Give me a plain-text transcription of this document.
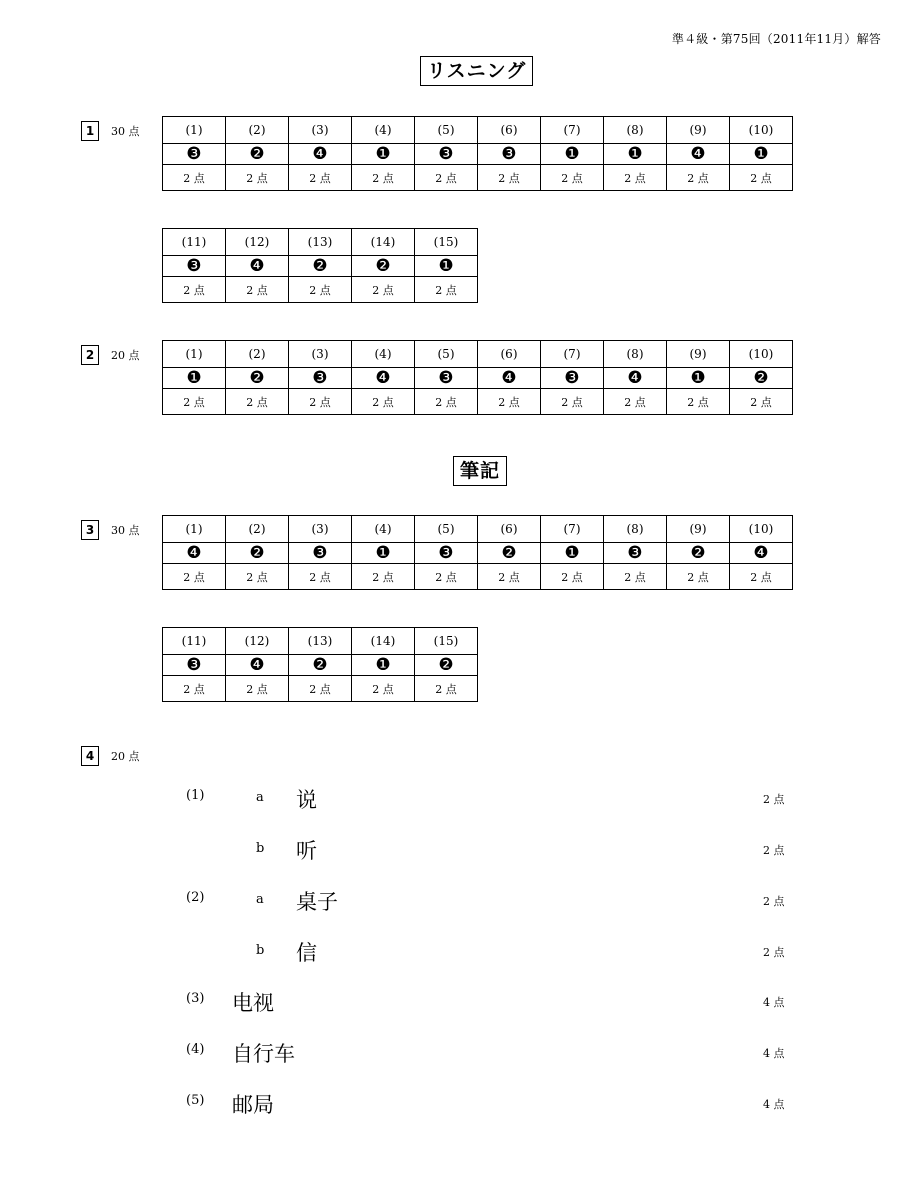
準４級・第75回（2011年11月）解答
リスニング
1	30 点	(1)	(2)	(3)	(4)	(5)	(6)	(7)	(8)	(9)	(10)
❸	❷	❹	❶	❸	❸	❶	❶	❹	❶
2 点	2 点	2 点	2 点	2 点	2 点	2 点	2 点	2 点	2 点
(11)	(12)	(13)	(14)	(15)
❸	❹	❷	❷	❶
2 点	2 点	2 点	2 点	2 点
2	20 点	(1)	(2)	(3)	(4)	(5)	(6)	(7)	(8)	(9)	(10)
❶	❷	❸	❹	❸	❹	❸	❹	❶	❷
2 点	2 点	2 点	2 点	2 点	2 点	2 点	2 点	2 点	2 点
筆記
3	30 点	(1)	(2)	(3)	(4)	(5)	(6)	(7)	(8)	(9)	(10)
❹	❷	❸	❶	❸	❷	❶	❸	❷	❹
2 点	2 点	2 点	2 点	2 点	2 点	2 点	2 点	2 点	2 点
(11)	(12)	(13)	(14)	(15)
❸	❹	❷	❶	❷
2 点	2 点	2 点	2 点	2 点
4	20 点
(1)	a 说	2 点
b 听	2 点
(2)	a 桌子	2 点
b 信	2 点
(3) 电视	4 点
(4) 自行车	4 点
(5) 邮局	4 点
